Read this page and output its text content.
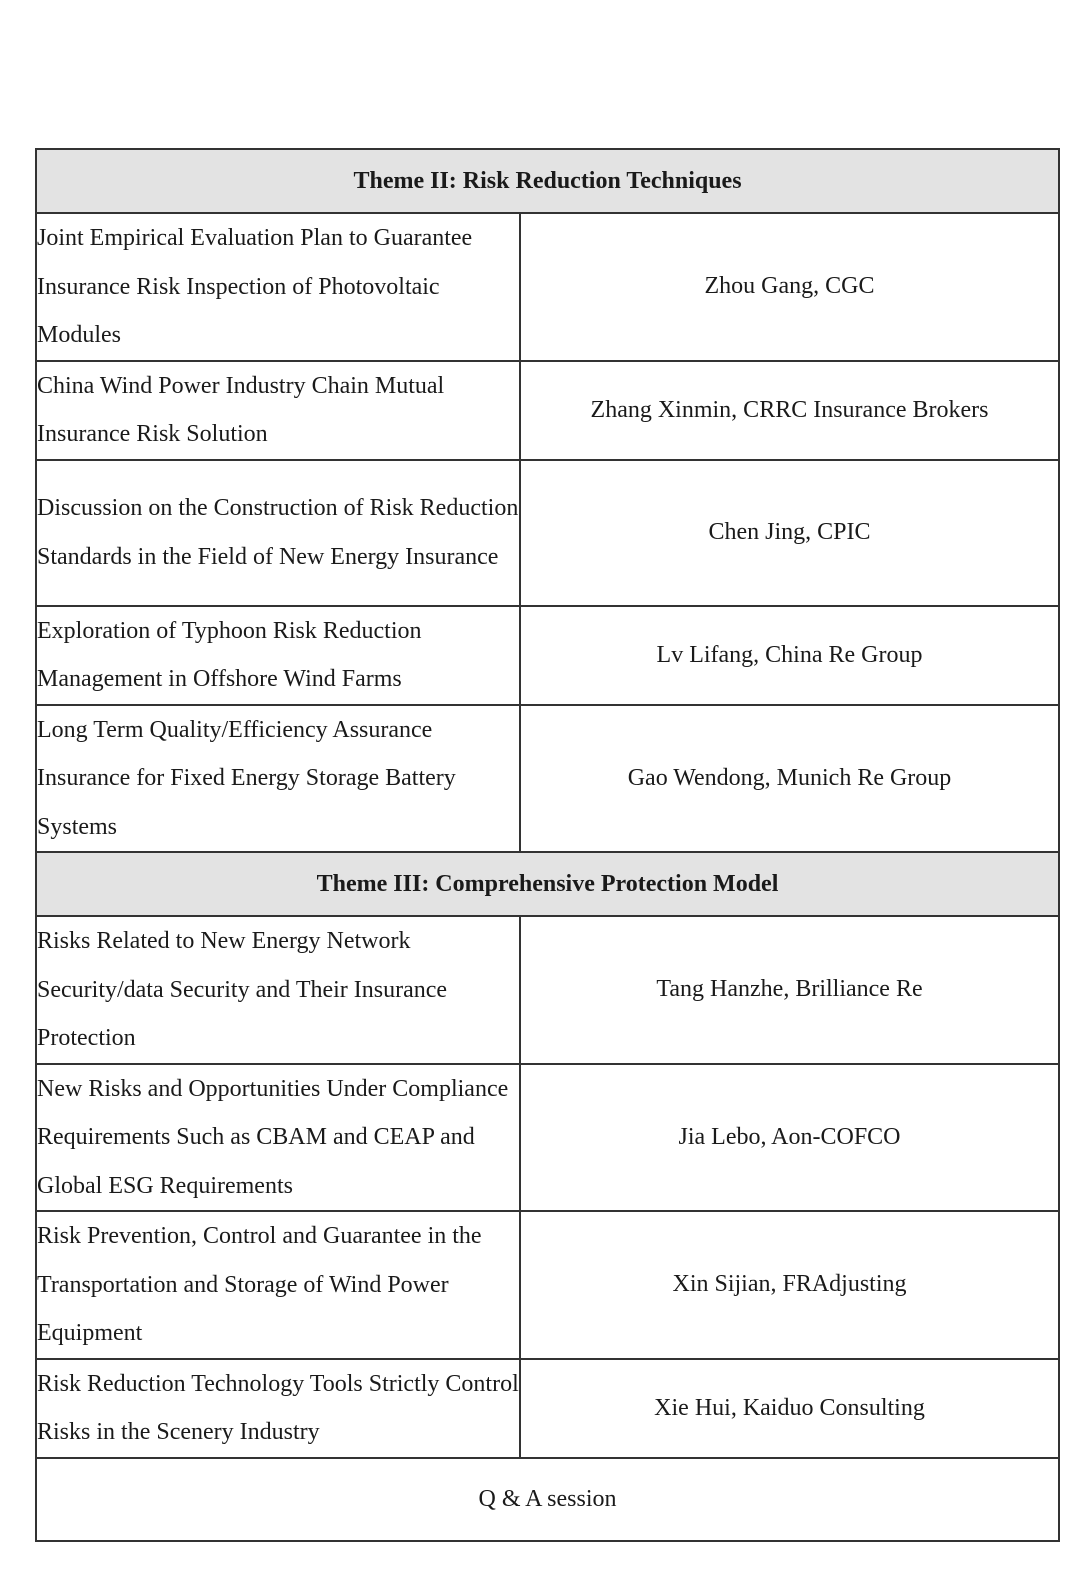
Theme II: Risk Reduction Techniques	
Joint Empirical Evaluation Plan to Guarantee Insurance Risk Inspection of Photovoltaic Modules	Zhou Gang, CGC
China Wind Power Industry Chain Mutual Insurance Risk Solution	Zhang Xinmin, CRRC Insurance Brokers
Discussion on the Construction of Risk Reduction Standards in the Field of New Energy Insurance	Chen Jing, CPIC
Exploration of Typhoon Risk Reduction Management in Offshore Wind Farms	Lv Lifang, China Re Group
Long Term Quality/Efficiency Assurance Insurance for Fixed Energy Storage Battery Systems	Gao Wendong, Munich Re Group
Theme III: Comprehensive Protection Model	
Risks Related to New Energy Network Security/data Security and Their Insurance Protection	Tang Hanzhe, Brilliance Re
New Risks and Opportunities Under Compliance Requirements Such as CBAM and CEAP and Global ESG Requirements	Jia Lebo, Aon-COFCO
Risk Prevention, Control and Guarantee in the Transportation and Storage of Wind Power Equipment	Xin Sijian, FRAdjusting
Risk Reduction Technology Tools Strictly Control Risks in the Scenery Industry	Xie Hui, Kaiduo Consulting
Q & A session	
